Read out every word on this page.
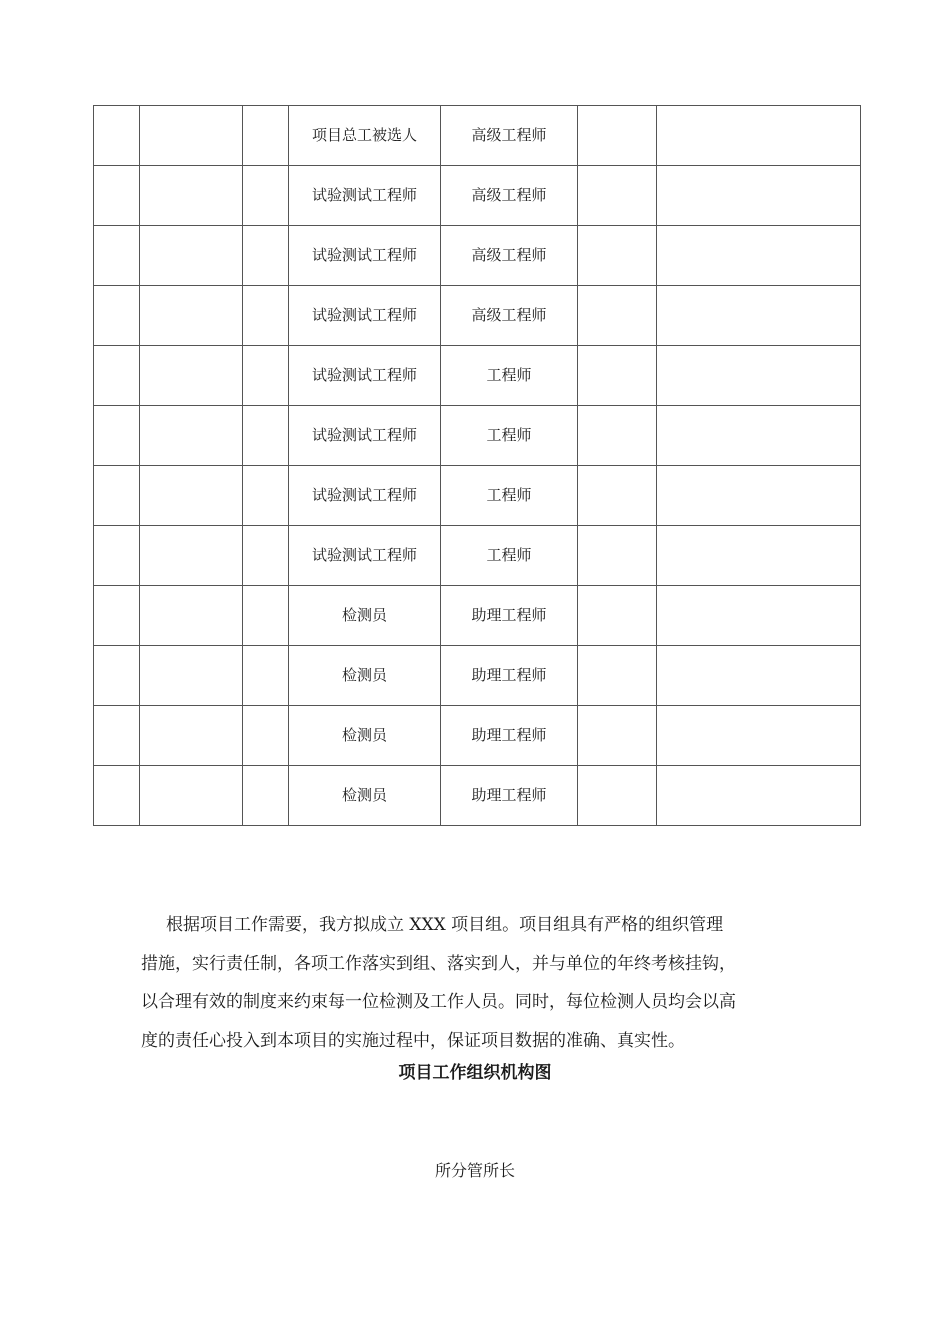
			项目总工被选人	高级工程师		
			试验测试工程师	高级工程师		
			试验测试工程师	高级工程师		
			试验测试工程师	高级工程师		
			试验测试工程师	工程师		
			试验测试工程师	工程师		
			试验测试工程师	工程师		
			试验测试工程师	工程师		
			检测员	助理工程师		
			检测员	助理工程师		
			检测员	助理工程师		
			检测员	助理工程师		

根据项目工作需要，我方拟成立 XXX 项目组。项目组具有严格的组织管理
措施，实行责任制，各项工作落实到组、落实到人，并与单位的年终考核挂钩，
以合理有效的制度来约束每一位检测及工作人员。同时，每位检测人员均会以高
度的责任心投入到本项目的实施过程中，保证项目数据的准确、真实性。

项目工作组织机构图
所分管所长
